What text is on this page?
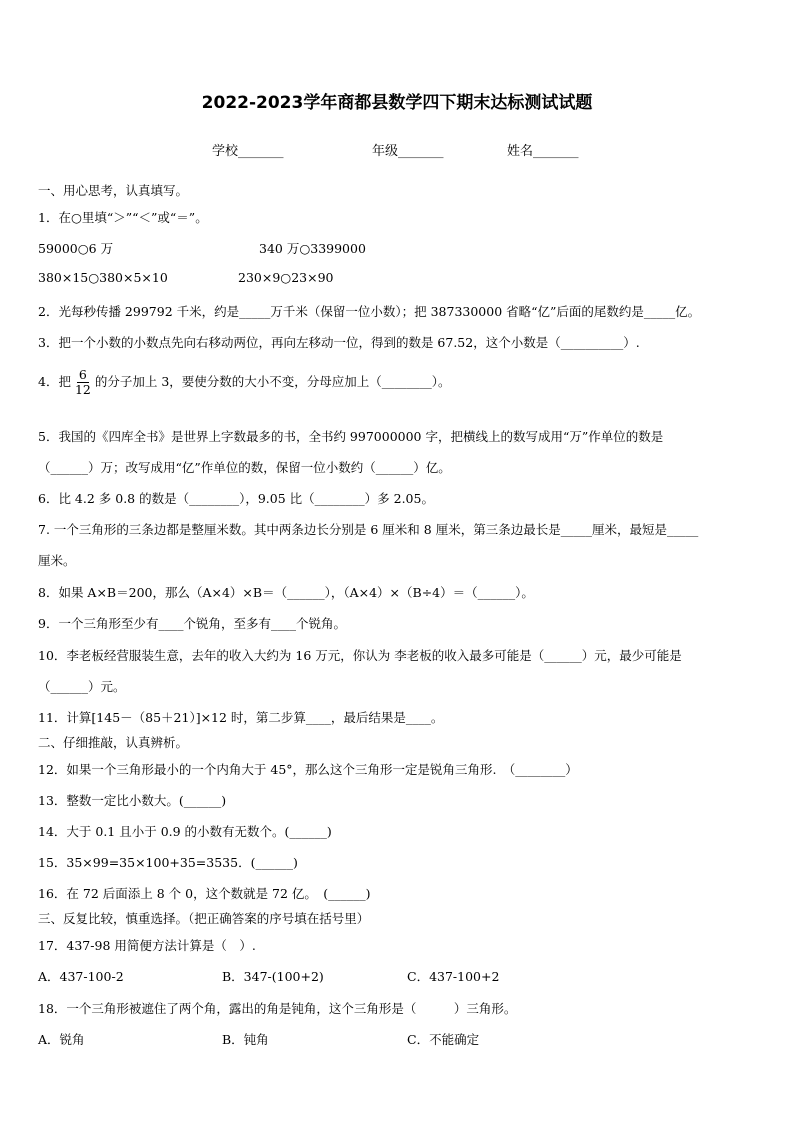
2022-2023学年商都县数学四下期末达标测试试题
学校_______	年级_______	姓名_______
一、用心思考，认真填写。
1．在○里填“＞”“＜”或“＝”。
59000○6 万	340 万○3399000
380×15○380×5×10	230×9○23×90
2．光每秒传播 299792 千米，约是_____万千米（保留一位小数）；把 387330000 省略“亿”后面的尾数约是_____亿。
3．把一个小数的小数点先向右移动两位，再向左移动一位，得到的数是 67.52，这个小数是（__________）.
4．把 $\frac{6}{12}$ 的分子加上 3，要使分数的大小不变，分母应加上（________）。
5．我国的《四库全书》是世界上字数最多的书，全书约 997000000 字，把横线上的数写成用“万”作单位的数是
（______）万；改写成用“亿”作单位的数，保留一位小数约（______）亿。
6．比 4.2 多 0.8 的数是（________），9.05 比（________）多 2.05。
7. 一个三角形的三条边都是整厘米数。其中两条边长分别是 6 厘米和 8 厘米，第三条边最长是_____厘米，最短是_____
厘米。
8．如果 A×B＝200，那么（A×4）×B＝（______），（A×4）×（B÷4）＝（______）。
9．一个三角形至少有____个锐角，至多有____个锐角。
10．李老板经营服装生意，去年的收入大约为 16 万元，你认为 李老板的收入最多可能是（______）元，最少可能是
（______）元。
11．计算[145－（85＋21）]×12 时，第二步算____，最后结果是____。
二、仔细推敲，认真辨析。
12．如果一个三角形最小的一个内角大于 45°，那么这个三角形一定是锐角三角形.　（________）
13．整数一定比小数大。(______)
14．大于 0.1 且小于 0.9 的小数有无数个。(______)
15．35×99=35×100+35=3535．(______)
16．在 72 后面添上 8 个 0，这个数就是 72 亿。　(______)
三、反复比较，慎重选择。（把正确答案的序号填在括号里）
17．437-98 用简便方法计算是（　）.
A．437-100-2	B．347-(100+2)	C．437-100+2
18．一个三角形被遮住了两个角，露出的角是钝角，这个三角形是（　　　）三角形。
A．锐角	B．钝角	C．不能确定
